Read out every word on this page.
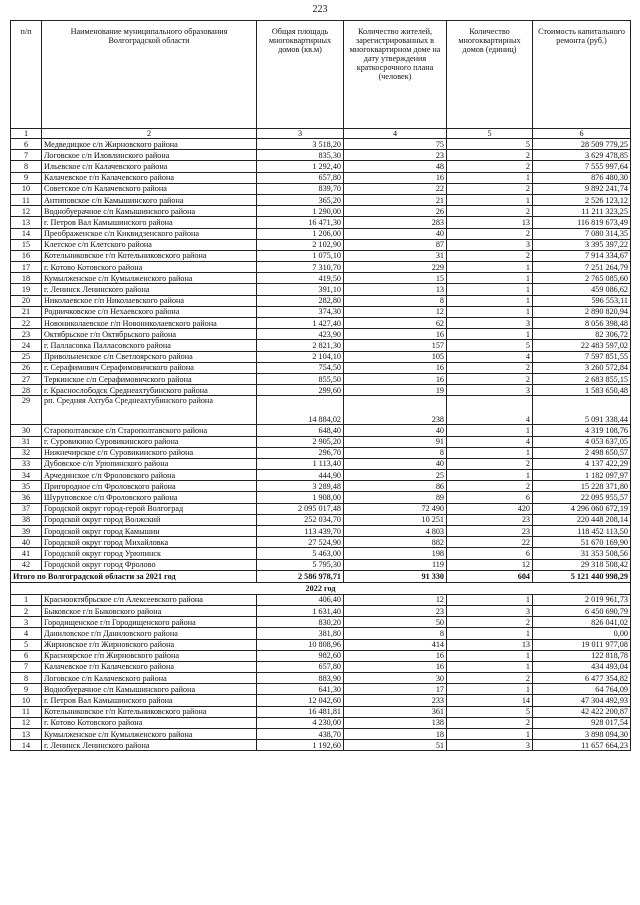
223
п/п	Наименование муниципального образования Волгоградской области	Общая площадь многоквартирных домов (кв.м)	Количество жителей, зарегистрированных в многоквартирном доме на дату утверждения краткосрочного плана (человек)	Количество многоквартирных домов (единиц)	Стоимость капитального ремонта (руб.)
1	2	3	4	5	6
6	Медведицкое с/п Жирновского района	3 518,20	75	5	28 509 779,25
7	Логовское с/п Иловлинского района	835,30	23	2	3 629 478,85
8	Ильевское с/п Калачевского района	1 292,40	48	2	7 555 997,64
9	Калачевское г/п Калачевского района	657,80	16	1	876 480,30
10	Советское с/п Калачевского района	839,70	22	2	9 892 241,74
11	Антиповское с/п Камышинского района	365,20	21	1	2 526 123,12
12	Воднобуерачное с/п Камышинского района	1 290,00	26	2	11 211 323,25
13	г. Петров Вал Камышинского района	16 471,30	283	13	116 819 673,49
14	Преображенское с/п Киквидзенского района	1 206,00	40	2	7 080 314,35
15	Клетское с/п Клетского района	2 102,90	87	3	3 395 397,22
16	Котельниковское г/п Котельниковского района	1 075,10	31	2	7 914 334,67
17	г. Котово Котовского района	7 310,70	229	1	7 251 264,79
18	Кумылженское с/п Кумылженского района	419,50	15	1	2 765 085,60
19	г. Ленинск Ленинского района	391,10	13	1	459 086,62
20	Николаевское г/п Николаевского района	282,80	8	1	596 553,11
21	Родничковское с/п Нехаевского района	374,30	12	1	2 890 820,94
22	Новониколаевское г/п Новониколаевского района	1 427,40	62	3	8 056 398,48
23	Октябрьское г/п Октябрьского района	423,90	16	1	82 306,72
24	г. Палласовка Палласовского района	2 821,30	157	5	22 483 597,02
25	Привольненское с/п Светлоярского района	2 104,10	105	4	7 597 851,55
26	г. Серафимович Серафимовичского района	754,50	16	2	3 260 572,84
27	Теркинское с/п Серафимовичского района	855,50	16	2	2 683 855,15
28	г. Краснослободск Среднеахтубинского района	299,60	19	3	1 583 650,48
29	рп. Средняя Ахтуба Среднеахтубинского района	14 884,02	238	4	5 091 338,44
30	Старополтавское с/п Старополтавского района	648,40	40	1	4 319 108,76
31	г. Суровикино Суровикинского района	2 905,20	91	4	4 053 637,05
32	Нижнечирское с/п Суровикинского района	296,70	8	1	2 498 650,57
33	Дубовское с/п Урюпинского района	1 113,40	40	2	4 137 422,29
34	Арчединское с/п Фроловского района	444,90	25	1	1 182 097,97
35	Пригородное с/п Фроловского района	3 289,48	86	2	15 228 371,80
36	Шуруповское с/п Фроловского района	1 908,00	89	6	22 095 955,57
37	Городской округ город-герой Волгоград	2 095 017,48	72 490	420	4 296 060 672,19
38	Городской округ город Волжский	252 034,70	10 251	23	220 448 208,14
39	Городской округ город Камышин	113 439,70	4 803	23	118 452 113,50
40	Городской округ город Михайловка	27 524,90	882	22	51 670 169,90
41	Городской округ город Урюпинск	5 463,00	198	6	31 353 508,56
42	Городской округ город Фролово	5 795,30	119	12	29 318 508,42
Итого по Волгоградской области за 2021 год		2 586 978,71	91 330	604	5 121 440 998,29
2022 год					
1	Краснооктябрьское с/п Алексеевского района	406,40	12	1	2 019 961,73
2	Быковское г/п Быковского района	1 631,40	23	3	6 450 690,79
3	Городищенское г/п Городищенского района	830,20	50	2	826 041,02
4	Даниловское г/п Даниловского района	381,80	8	1	0,00
5	Жирновское г/п Жирновского района	10 808,96	414	13	19 011 977,08
6	Красноярское г/п Жирновского района	982,60	16	1	122 818,78
7	Калачевское г/п Калачевского района	657,80	16	1	434 493,04
8	Логовское с/п Калачевского района	883,90	30	2	6 477 354,82
9	Воднобуерачное с/п Камышинского района	641,30	17	1	64 764,09
10	г. Петров Вал Камышинского района	12 042,60	233	14	47 304 492,93
11	Котельниковское г/п Котельниковского района	16 481,81	361	5	42 422 200,87
12	г. Котово Котовского района	4 230,00	138	2	928 017,54
13	Кумылженское с/п Кумылженского района	438,70	18	1	3 898 094,30
14	г. Ленинск Ленинского района	1 192,60	51	3	11 657 664,23
